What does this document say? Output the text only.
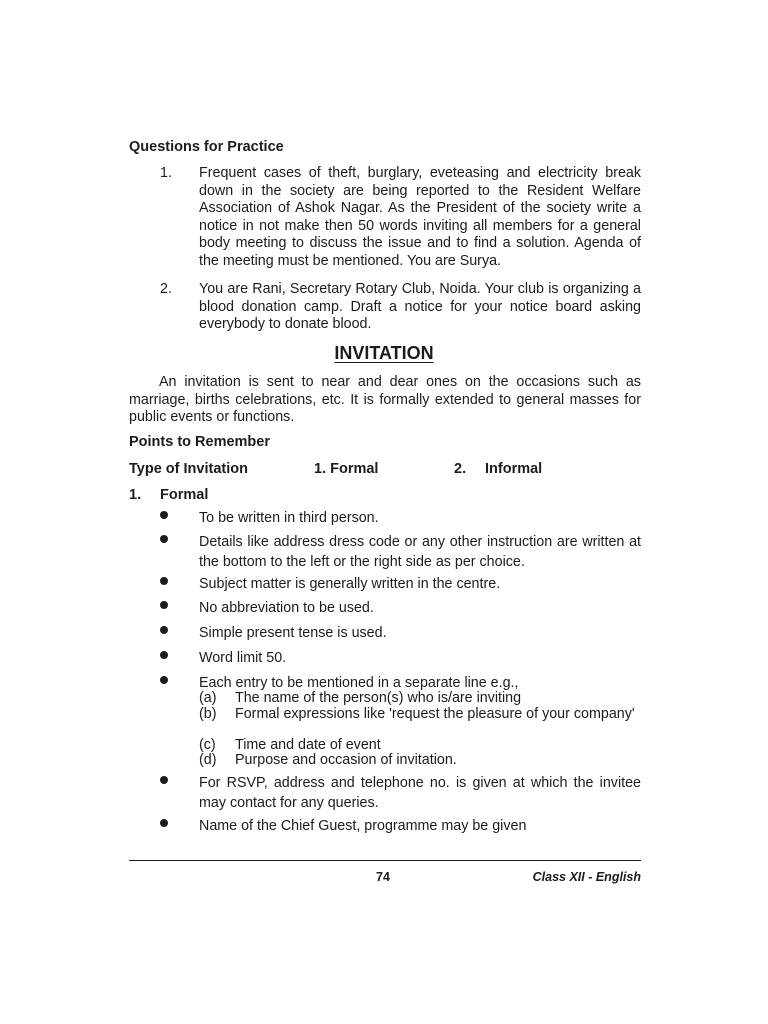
Questions for Practice
1. Frequent cases of theft, burglary, eveteasing and electricity break down in the society are being reported to the Resident Welfare Association of Ashok Nagar. As the President of the society write a notice in not make then 50 words inviting all members for a general body meeting to discuss the issue and to find a solution. Agenda of the meeting must be mentioned. You are Surya.
2. You are Rani, Secretary Rotary Club, Noida. Your club is organizing a blood donation camp. Draft a notice for your notice board asking everybody to donate blood.
INVITATION
An invitation is sent to near and dear ones on the occasions such as marriage, births celebrations, etc. It is formally extended to general masses for public events or functions.
Points to Remember
Type of Invitation	1. Formal	2. Informal
1. Formal
To be written in third person.
Details like address dress code or any other instruction are written at the bottom to the left or the right side as per choice.
Subject matter is generally written in the centre.
No abbreviation to be used.
Simple present tense is used.
Word limit 50.
Each entry to be mentioned in a separate line e.g.,
(a)	The name of the person(s) who is/are inviting
(b)	Formal expressions like 'request the pleasure of your company'
(c)	Time and date of event
(d)	Purpose and occasion of invitation.
For RSVP, address and telephone no. is given at which the invitee may contact for any queries.
Name of the Chief Guest, programme may be given
74	Class XII - English
